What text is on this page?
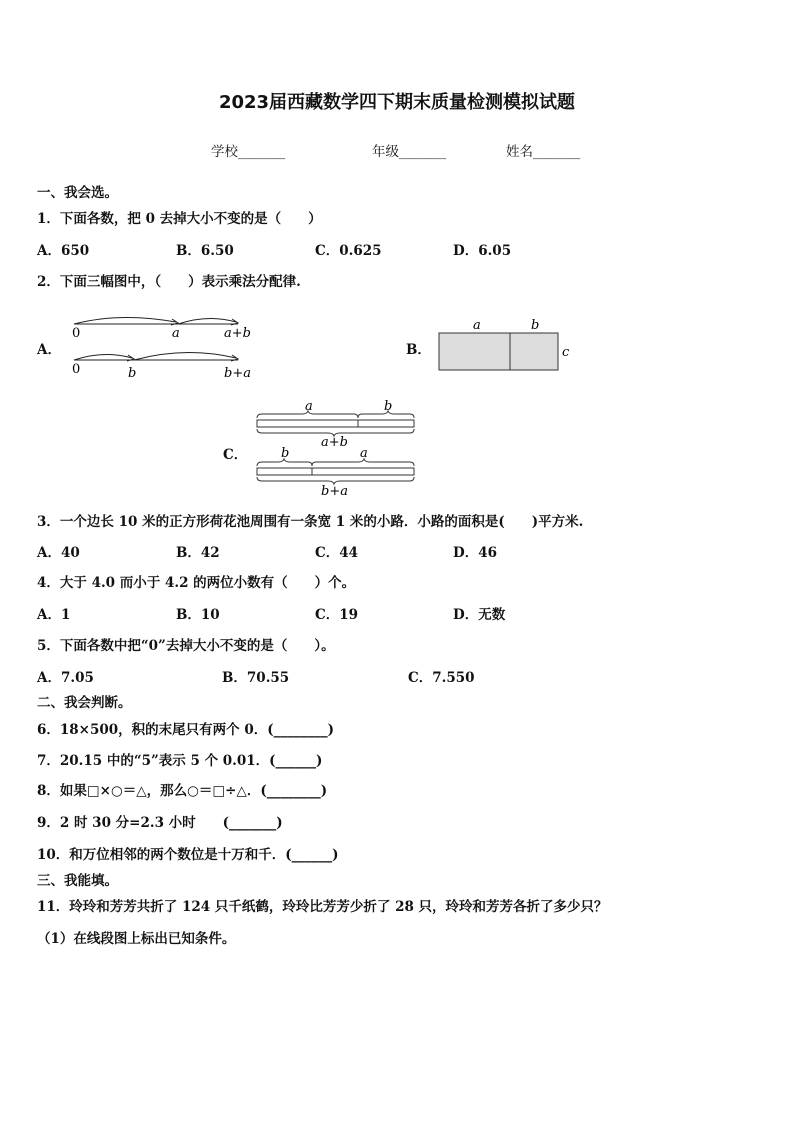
2023届西藏数学四下期末质量检测模拟试题
学校_______	年级_______	姓名_______
一、我会选。
1．下面各数，把 0 去掉大小不变的是（　　）
A．650	B．6.50	C．0.625	D．6.05
2．下面三幅图中，（　　）表示乘法分配律.
A．
0	a	a+b
0	b	b+a
B．
a	b
c
C．
a	b
a+b
b	a
b+a
3．一个边长 10 米的正方形荷花池周围有一条宽 1 米的小路．小路的面积是(　　)平方米.
A．40	B．42	C．44	D．46
4．大于 4.0 而小于 4.2 的两位小数有（　　）个。
A．1	B．10	C．19	D．无数
5．下面各数中把“0”去掉大小不变的是（　　）。
A．7.05	B．70.55	C．7.550
二、我会判断。
6．18×500，积的末尾只有两个 0．(________)
7．20.15 中的“5”表示 5 个 0.01．(______)
8．如果□×○＝△，那么○＝□÷△．(________)
9．2 时 30 分=2.3 小时　　(_______)
10．和万位相邻的两个数位是十万和千．(______)
三、我能填。
11．玲玲和芳芳共折了 124 只千纸鹤，玲玲比芳芳少折了 28 只，玲玲和芳芳各折了多少只？
（1）在线段图上标出已知条件。
